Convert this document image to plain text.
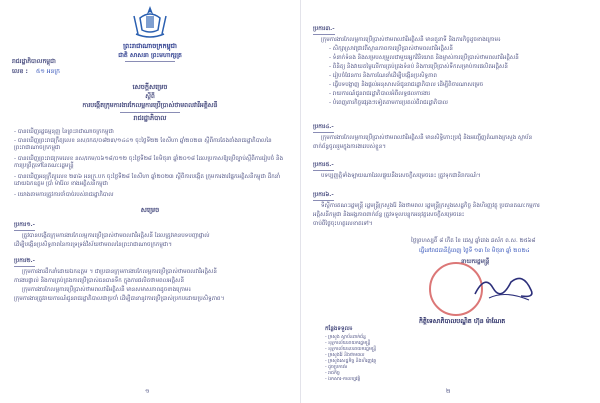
ព្រះរាជាណាចក្រកម្ពុជា
ជាតិ សាសនា ព្រះមហាក្សត្រ
រាជរដ្ឋាភិបាលកម្ពុជា
លេខ : ៥១ អនក្រ
សេចក្តីសម្រេច
ស្តីពី
ការបង្កើតក្រុមការងារកែលម្អការប្រើប្រាស់ថាមពលវារីអគ្គិសនី
រាជរដ្ឋាភិបាល
- បានឃើញរដ្ឋធម្មនុញ្ញ នៃព្រះរាជាណាចក្រកម្ពុជា
- បានឃើញព្រះរាជក្រឹត្យលេខ នស/រកត/០៨២៣/១៤៤១ ចុះថ្ងៃទី២២ ខែសីហា ឆ្នាំ២០២៣ ស្តីពីការតែងតាំងរាជរដ្ឋាភិបាលនៃព្រះរាជាណាចក្រកម្ពុជា
- បានឃើញព្រះរាជក្រមលេខ នស/រកម/០៦១៨/០១២ ចុះថ្ងៃទី២៨ ខែមិថុនា ឆ្នាំ២០១៨ ដែលប្រកាសឱ្យប្រើច្បាប់ស្តីពីការរៀបចំ និងការប្រព្រឹត្តទៅនៃគណៈរដ្ឋមន្ត្រី
- បានឃើញអនុក្រឹត្យលេខ ២៣៦ អនក្រ.បក ចុះថ្ងៃទី២៨ ខែសីហា ឆ្នាំ២០២៣ ស្តីពីការបង្កើត ក្រុមការងារផ្នែកអគ្គិសនីកម្ពុជា ដឹកនាំដោយឯកឧត្តម ប្រាំ ម៉ារ៉ែល ខាងអគ្គិសនីកម្ពុជា
- យោងតាមការត្រូវការចាំបាច់របស់រាជរដ្ឋាភិបាល
សម្រេច
ប្រការ១.-
ត្រូវបានបង្កើតក្រុមការងារកែលម្អការប្រើប្រាស់ថាមពលវារីអគ្គិសនី ដែលត្រូវមានបទបញ្ជាផ្ទាល់
ដើម្បីបង្កើនប្រសិទ្ធភាពនៃការទ្រទ្រង់វិស័យថាមពលនៃព្រះរាជាណាចក្រកម្ពុជា។
ប្រការ២.-
ក្រុមការងារដឹកនាំដោយឯកឧត្តម ។ ជាប្រធានក្រុមការងារកែលម្អការប្រើប្រាស់ថាមពលវារីអគ្គិសនី
ការងារផ្ទាល់ និងការគ្រប់គ្រងការប្រើប្រាស់ធនធានទឹក ក្នុងការផលិតថាមពលអគ្គិសនី
ក្រុមការងារកែលម្អការប្រើប្រាស់ថាមពលវារីអគ្គិសនី មានសមាសភាពដូចខាងក្រោម៖
ក្រុមការងារត្រូវរាយការណ៍ជូនរាជរដ្ឋាភិបាលជាប្រចាំ ដើម្បីធានានូវការប្រើប្រាស់ប្រកបដោយប្រសិទ្ធភាព។
១
ប្រការ៣.-
ក្រុមការងារកែលម្អការប្រើប្រាស់ថាមពលវារីអគ្គិសនី មានតួនាទី និងភារកិច្ចដូចខាងក្រោម៖
- សិក្សាស្រាវជ្រាវពីស្ថានភាពការប្រើប្រាស់ថាមពលវារីអគ្គិសនី
- ទំនាក់ទំនង និងសម្របសម្រួលជាមួយអ្នកវិនិយោគ និងម្ចាស់ការប្រើប្រាស់ថាមពលវារីអគ្គិសនី
- ពិនិត្យ និងវាយតម្លៃលើការគ្រប់គ្រងទំនប់ និងការប្រើប្រាស់ទឹកសម្រាប់ការផលិតអគ្គិសនី
- រៀបចំផែនការ និងការណែនាំដើម្បីបង្កើនប្រសិទ្ធភាព
- ធ្វើបទបង្ហាញ និងផ្តល់អនុសាសន៍ជូនរាជរដ្ឋាភិបាល ដើម្បីពិចារណាសម្រេច
- រាយការណ៍ជូនរាជរដ្ឋាភិបាលអំពីលទ្ធផលការងារ
- បំពេញភារកិច្ចផ្សេងៗទៀតតាមការប្រគល់ពីរាជរដ្ឋាភិបាល
ប្រការ៤.-
ក្រុមការងារកែលម្អការប្រើប្រាស់ថាមពលវារីអគ្គិសនី មានសិទ្ធិកោះប្រជុំ និងអញ្ជើញតំណាងក្រសួង ស្ថាប័ន
ពាក់ព័ន្ធចូលរួមក្នុងការងាររបស់ខ្លួន។
ប្រការ៥.-
បទប្បញ្ញត្តិទាំងឡាយណាដែលផ្ទុយនឹងសេចក្តីសម្រេចនេះ ត្រូវទុកជានិរាករណ៍។
ប្រការ៦.-
ទីស្តីការគណៈរដ្ឋមន្ត្រី រដ្ឋមន្ត្រីក្រសួងរ៉ែ និងថាមពល រដ្ឋមន្ត្រីក្រសួងសេដ្ឋកិច្ច និងហិរញ្ញវត្ថុ ប្រធានគណៈកម្មការ
អគ្គិសនីកម្ពុជា និងអង្គភាពពាក់ព័ន្ធ ត្រូវទទួលបន្ទុកអនុវត្តសេចក្តីសម្រេចនេះ
ចាប់ពីថ្ងៃចុះហត្ថលេខាតទៅ។
ថ្ងៃព្រហស្បតិ៍ ៨ កើត ខែ ជេស្ឋ ឆ្នាំរោង ឆស័ក ព.ស. ២៥៦៨
ធ្វើនៅរាជធានីភ្នំពេញ ថ្ងៃទី ១៣ ខែ មិថុនា ឆ្នាំ ២០២៤
នាយករដ្ឋមន្ត្រី
កិត្តិទេសាភិបាលបណ្ឌិត ហ៊ុន ម៉ាណែត
កន្លែងទទួល៖
- ក្រសួង ស្ថាប័នពាក់ព័ន្ធ
- ខុទ្ទកាល័យនាយករដ្ឋមន្ត្រី
- ខុទ្ទកាល័យឧបនាយករដ្ឋមន្ត្រី
- ក្រសួងរ៉ែ និងថាមពល
- ក្រសួងសេដ្ឋកិច្ច និងហិរញ្ញវត្ថុ
- ដូចប្រការ៦
- រាជកិច្ច
- ឯកសារ-កាលប្បវត្តិ
២
